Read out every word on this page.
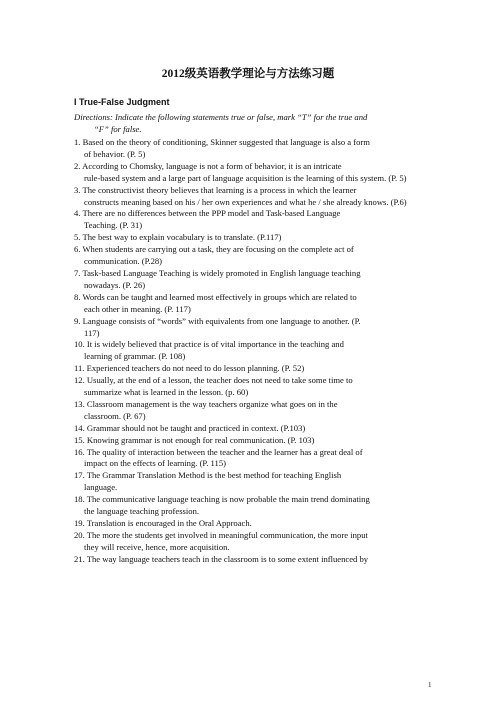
2012级英语教学理论与方法练习题
I True-False Judgment
Directions: Indicate the following statements true or false, mark “T” for the true and
“F” for false.
1. Based on the theory of conditioning, Skinner suggested that language is also a form
of behavior. (P. 5)
2. According to Chomsky, language is not a form of behavior, it is an intricate
rule-based system and a large part of language acquisition is the learning of this system. (P. 5)
3. The constructivist theory believes that learning is a process in which the learner
constructs meaning based on his / her own experiences and what he / she already knows. (P.6)
4. There are no differences between the PPP model and Task-based Language
Teaching. (P. 31)
5. The best way to explain vocabulary is to translate. (P.117)
6. When students are carrying out a task, they are focusing on the complete act of
communication. (P.28)
7. Task-based Language Teaching is widely promoted in English language teaching
nowadays. (P. 26)
8. Words can be taught and learned most effectively in groups which are related to
each other in meaning. (P. 117)
9. Language consists of “words” with equivalents from one language to another. (P.
117)
10. It is widely believed that practice is of vital importance in the teaching and
learning of grammar. (P. 108)
11. Experienced teachers do not need to do lesson planning. (P. 52)
12. Usually, at the end of a lesson, the teacher does not need to take some time to
summarize what is learned in the lesson. (p. 60)
13. Classroom management is the way teachers organize what goes on in the
classroom. (P. 67)
14. Grammar should not be taught and practiced in context. (P.103)
15. Knowing grammar is not enough for real communication. (P. 103)
16. The quality of interaction between the teacher and the learner has a great deal of
impact on the effects of learning. (P. 115)
17. The Grammar Translation Method is the best method for teaching English
language.
18. The communicative language teaching is now probable the main trend dominating
the language teaching profession.
19. Translation is encouraged in the Oral Approach.
20. The more the students get involved in meaningful communication, the more input
they will receive, hence, more acquisition.
21. The way language teachers teach in the classroom is to some extent influenced by
1
